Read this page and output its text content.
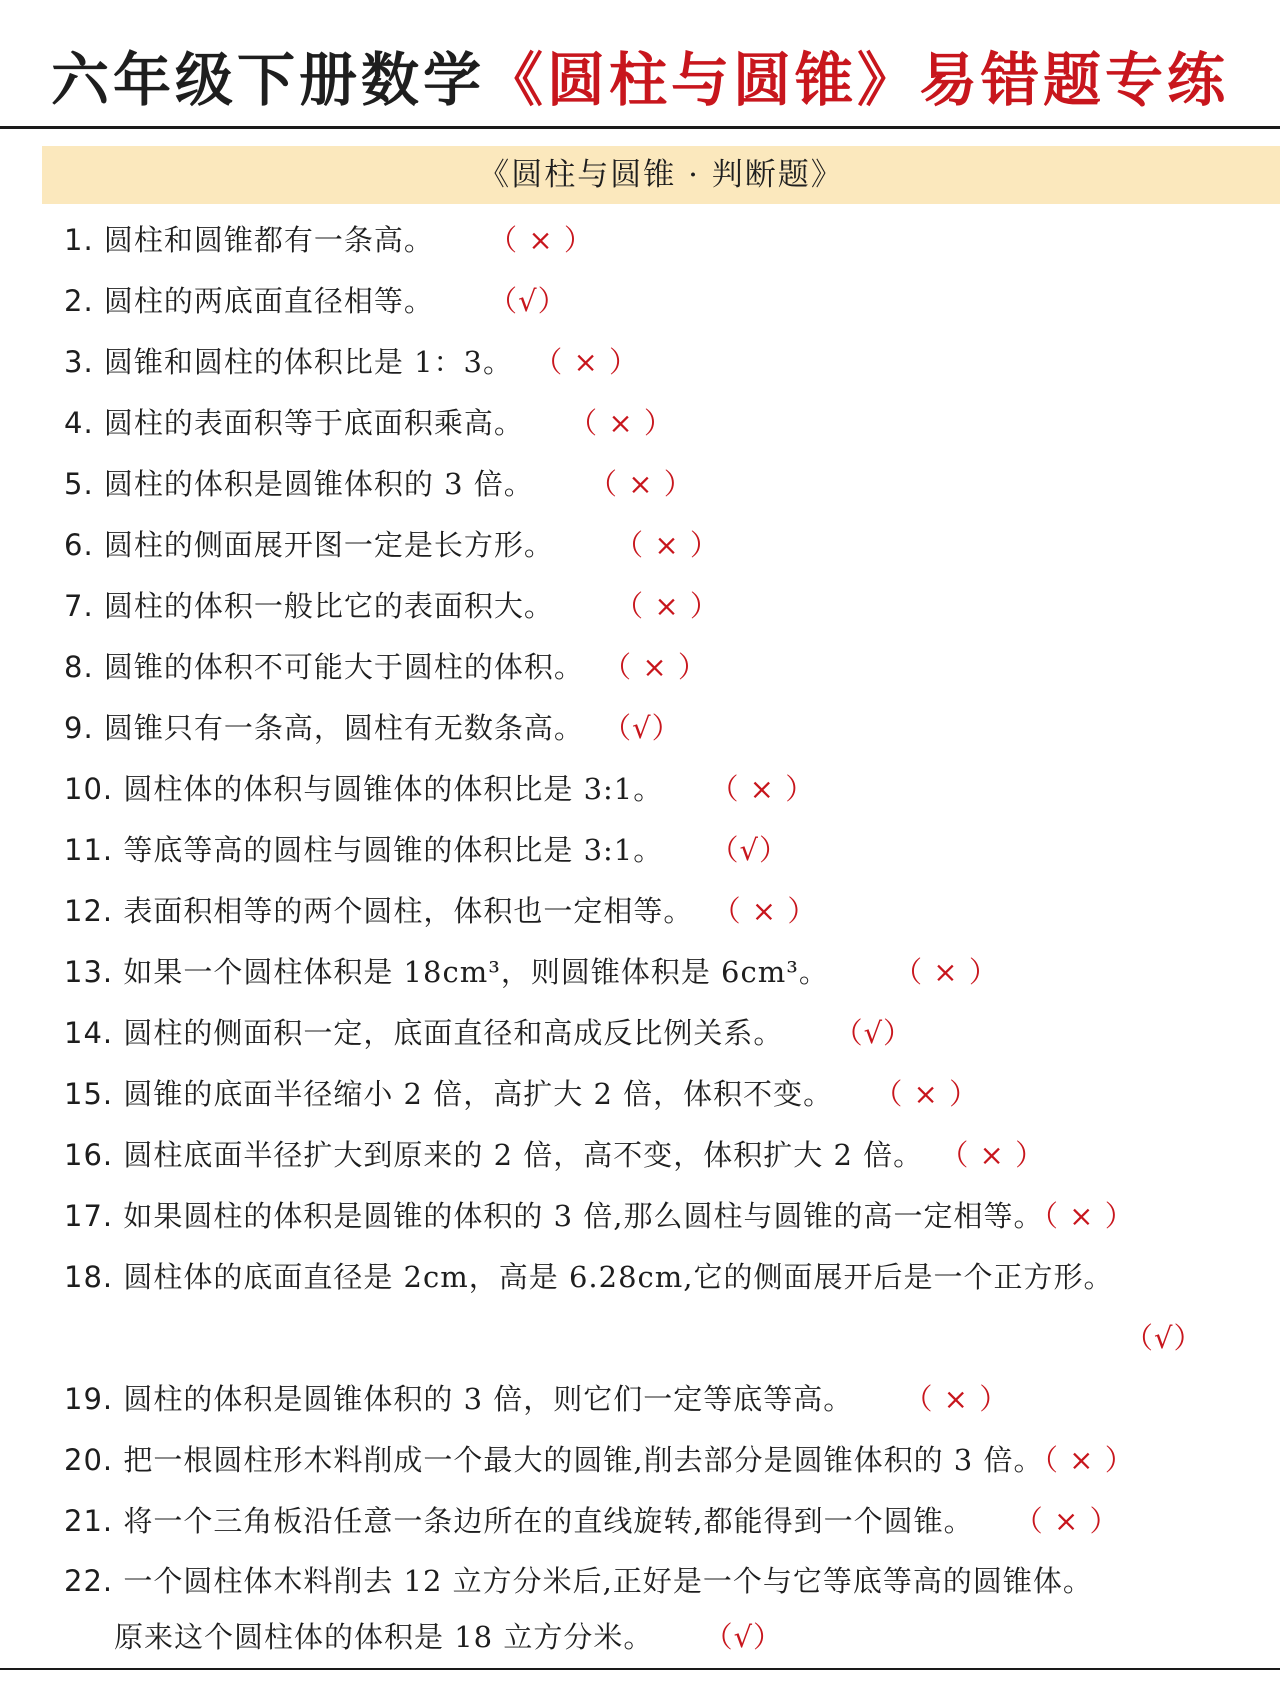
六年级下册数学《圆柱与圆锥》易错题专练
《圆柱与圆锥 · 判断题》
1. 圆柱和圆锥都有一条高。 （ × ）
2. 圆柱的两底面直径相等。 （√）
3. 圆锥和圆柱的体积比是 1：3。 （ × ）
4. 圆柱的表面积等于底面积乘高。 （ × ）
5. 圆柱的体积是圆锥体积的 3 倍。 （ × ）
6. 圆柱的侧面展开图一定是长方形。 （ × ）
7. 圆柱的体积一般比它的表面积大。 （ × ）
8. 圆锥的体积不可能大于圆柱的体积。 （ × ）
9. 圆锥只有一条高，圆柱有无数条高。 （√）
10. 圆柱体的体积与圆锥体的体积比是 3:1。 （ × ）
11. 等底等高的圆柱与圆锥的体积比是 3:1。 （√）
12. 表面积相等的两个圆柱，体积也一定相等。 （ × ）
13. 如果一个圆柱体积是 18cm³，则圆锥体积是 6cm³。 （ × ）
14. 圆柱的侧面积一定，底面直径和高成反比例关系。 （√）
15. 圆锥的底面半径缩小 2 倍，高扩大 2 倍，体积不变。 （ × ）
16. 圆柱底面半径扩大到原来的 2 倍，高不变，体积扩大 2 倍。 （ × ）
17. 如果圆柱的体积是圆锥的体积的 3 倍,那么圆柱与圆锥的高一定相等。（ × ）
18. 圆柱体的底面直径是 2cm，高是 6.28cm,它的侧面展开后是一个正方形。
（√）
19. 圆柱的体积是圆锥体积的 3 倍，则它们一定等底等高。 （ × ）
20. 把一根圆柱形木料削成一个最大的圆锥,削去部分是圆锥体积的 3 倍。（ × ）
21. 将一个三角板沿任意一条边所在的直线旋转,都能得到一个圆锥。 （ × ）
22. 一个圆柱体木料削去 12 立方分米后,正好是一个与它等底等高的圆锥体。
原来这个圆柱体的体积是 18 立方分米。 （√）
